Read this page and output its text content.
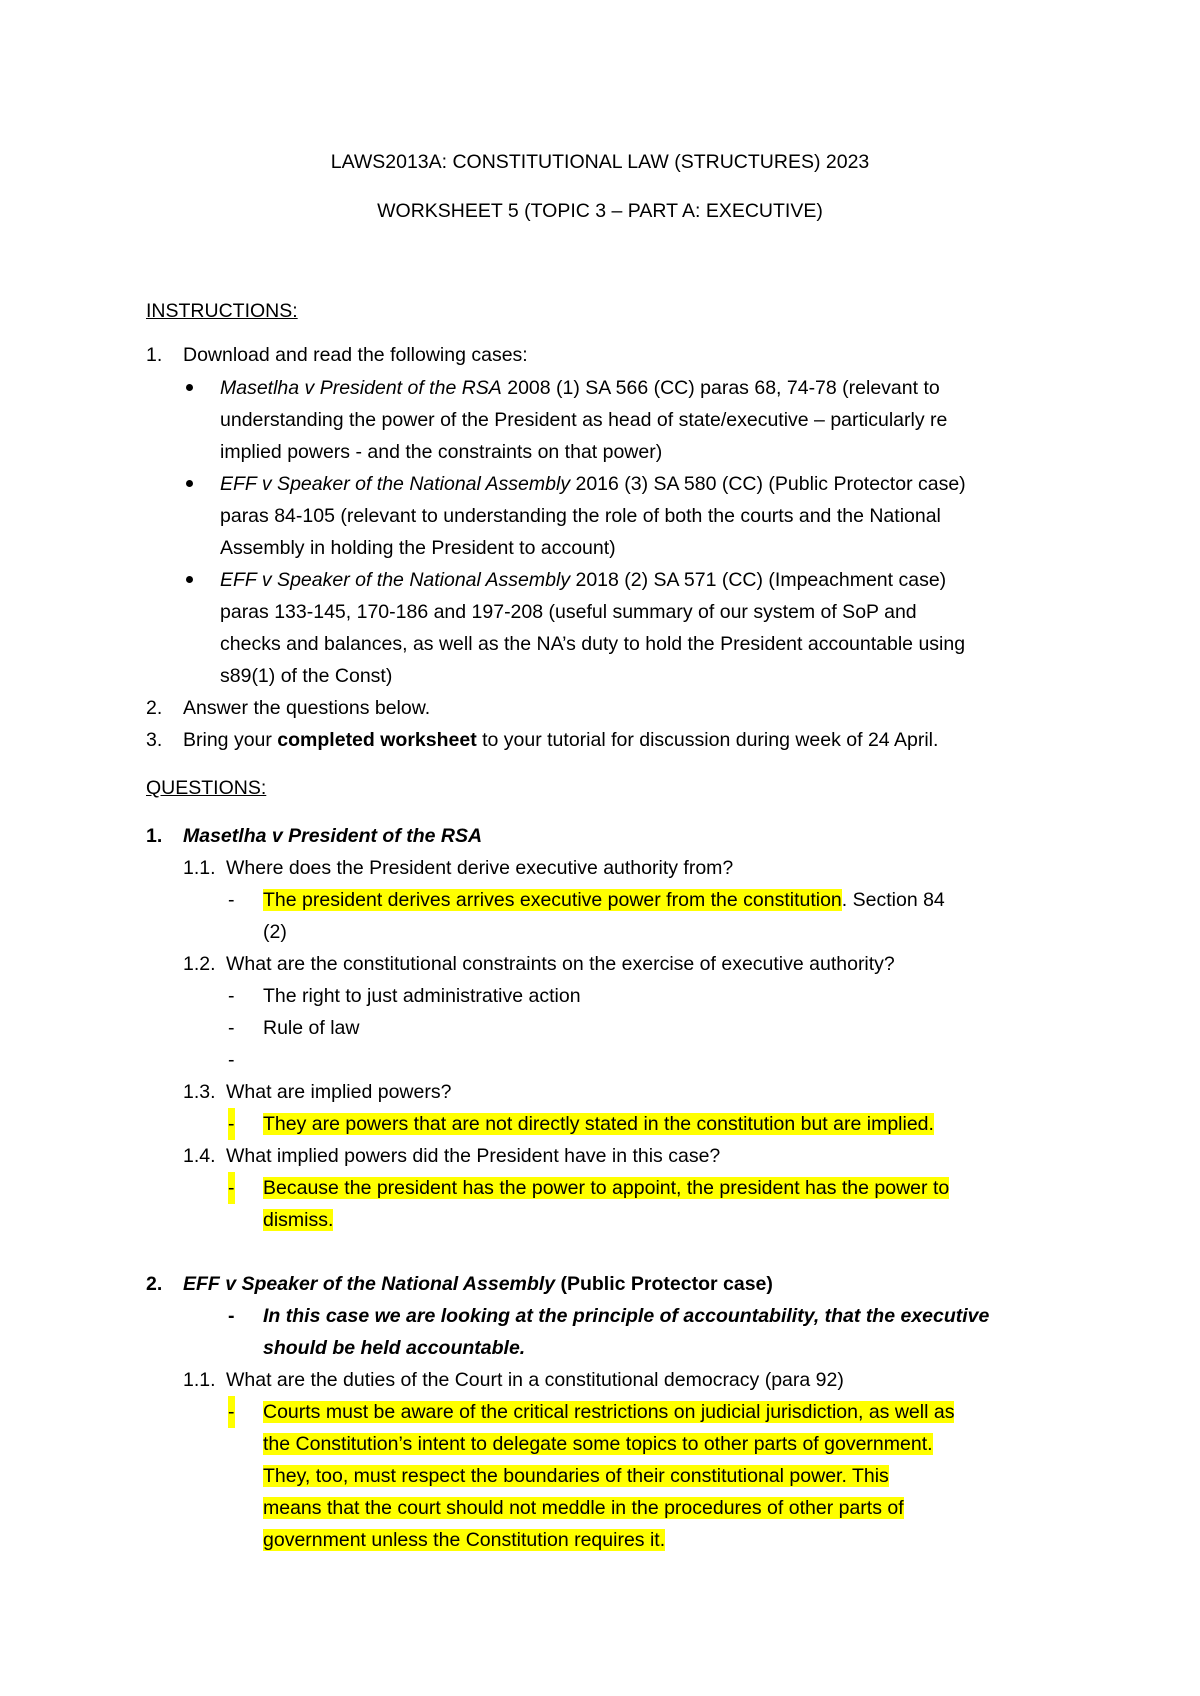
LAWS2013A: CONSTITUTIONAL LAW (STRUCTURES) 2023
WORKSHEET 5 (TOPIC 3 – PART A: EXECUTIVE)
INSTRUCTIONS:
1. Download and read the following cases:
Masetlha v President of the RSA 2008 (1) SA 566 (CC) paras 68, 74-78 (relevant to
understanding the power of the President as head of state/executive – particularly re
implied powers - and the constraints on that power)
EFF v Speaker of the National Assembly 2016 (3) SA 580 (CC) (Public Protector case)
paras 84-105 (relevant to understanding the role of both the courts and the National
Assembly in holding the President to account)
EFF v Speaker of the National Assembly 2018 (2) SA 571 (CC) (Impeachment case)
paras 133-145, 170-186 and 197-208 (useful summary of our system of SoP and
checks and balances, as well as the NA’s duty to hold the President accountable using
s89(1) of the Const)
2. Answer the questions below.
3. Bring your completed worksheet to your tutorial for discussion during week of 24 April.
QUESTIONS:
1. Masetlha v President of the RSA
1.1. Where does the President derive executive authority from?
- The president derives arrives executive power from the constitution. Section 84
(2)
1.2. What are the constitutional constraints on the exercise of executive authority?
- The right to just administrative action
- Rule of law
-
1.3. What are implied powers?
- They are powers that are not directly stated in the constitution but are implied.
1.4. What implied powers did the President have in this case?
- Because the president has the power to appoint, the president has the power to
dismiss.
2. EFF v Speaker of the National Assembly (Public Protector case)
- In this case we are looking at the principle of accountability, that the executive
should be held accountable.
1.1. What are the duties of the Court in a constitutional democracy (para 92)
- Courts must be aware of the critical restrictions on judicial jurisdiction, as well as
the Constitution’s intent to delegate some topics to other parts of government.
They, too, must respect the boundaries of their constitutional power. This
means that the court should not meddle in the procedures of other parts of
government unless the Constitution requires it.
